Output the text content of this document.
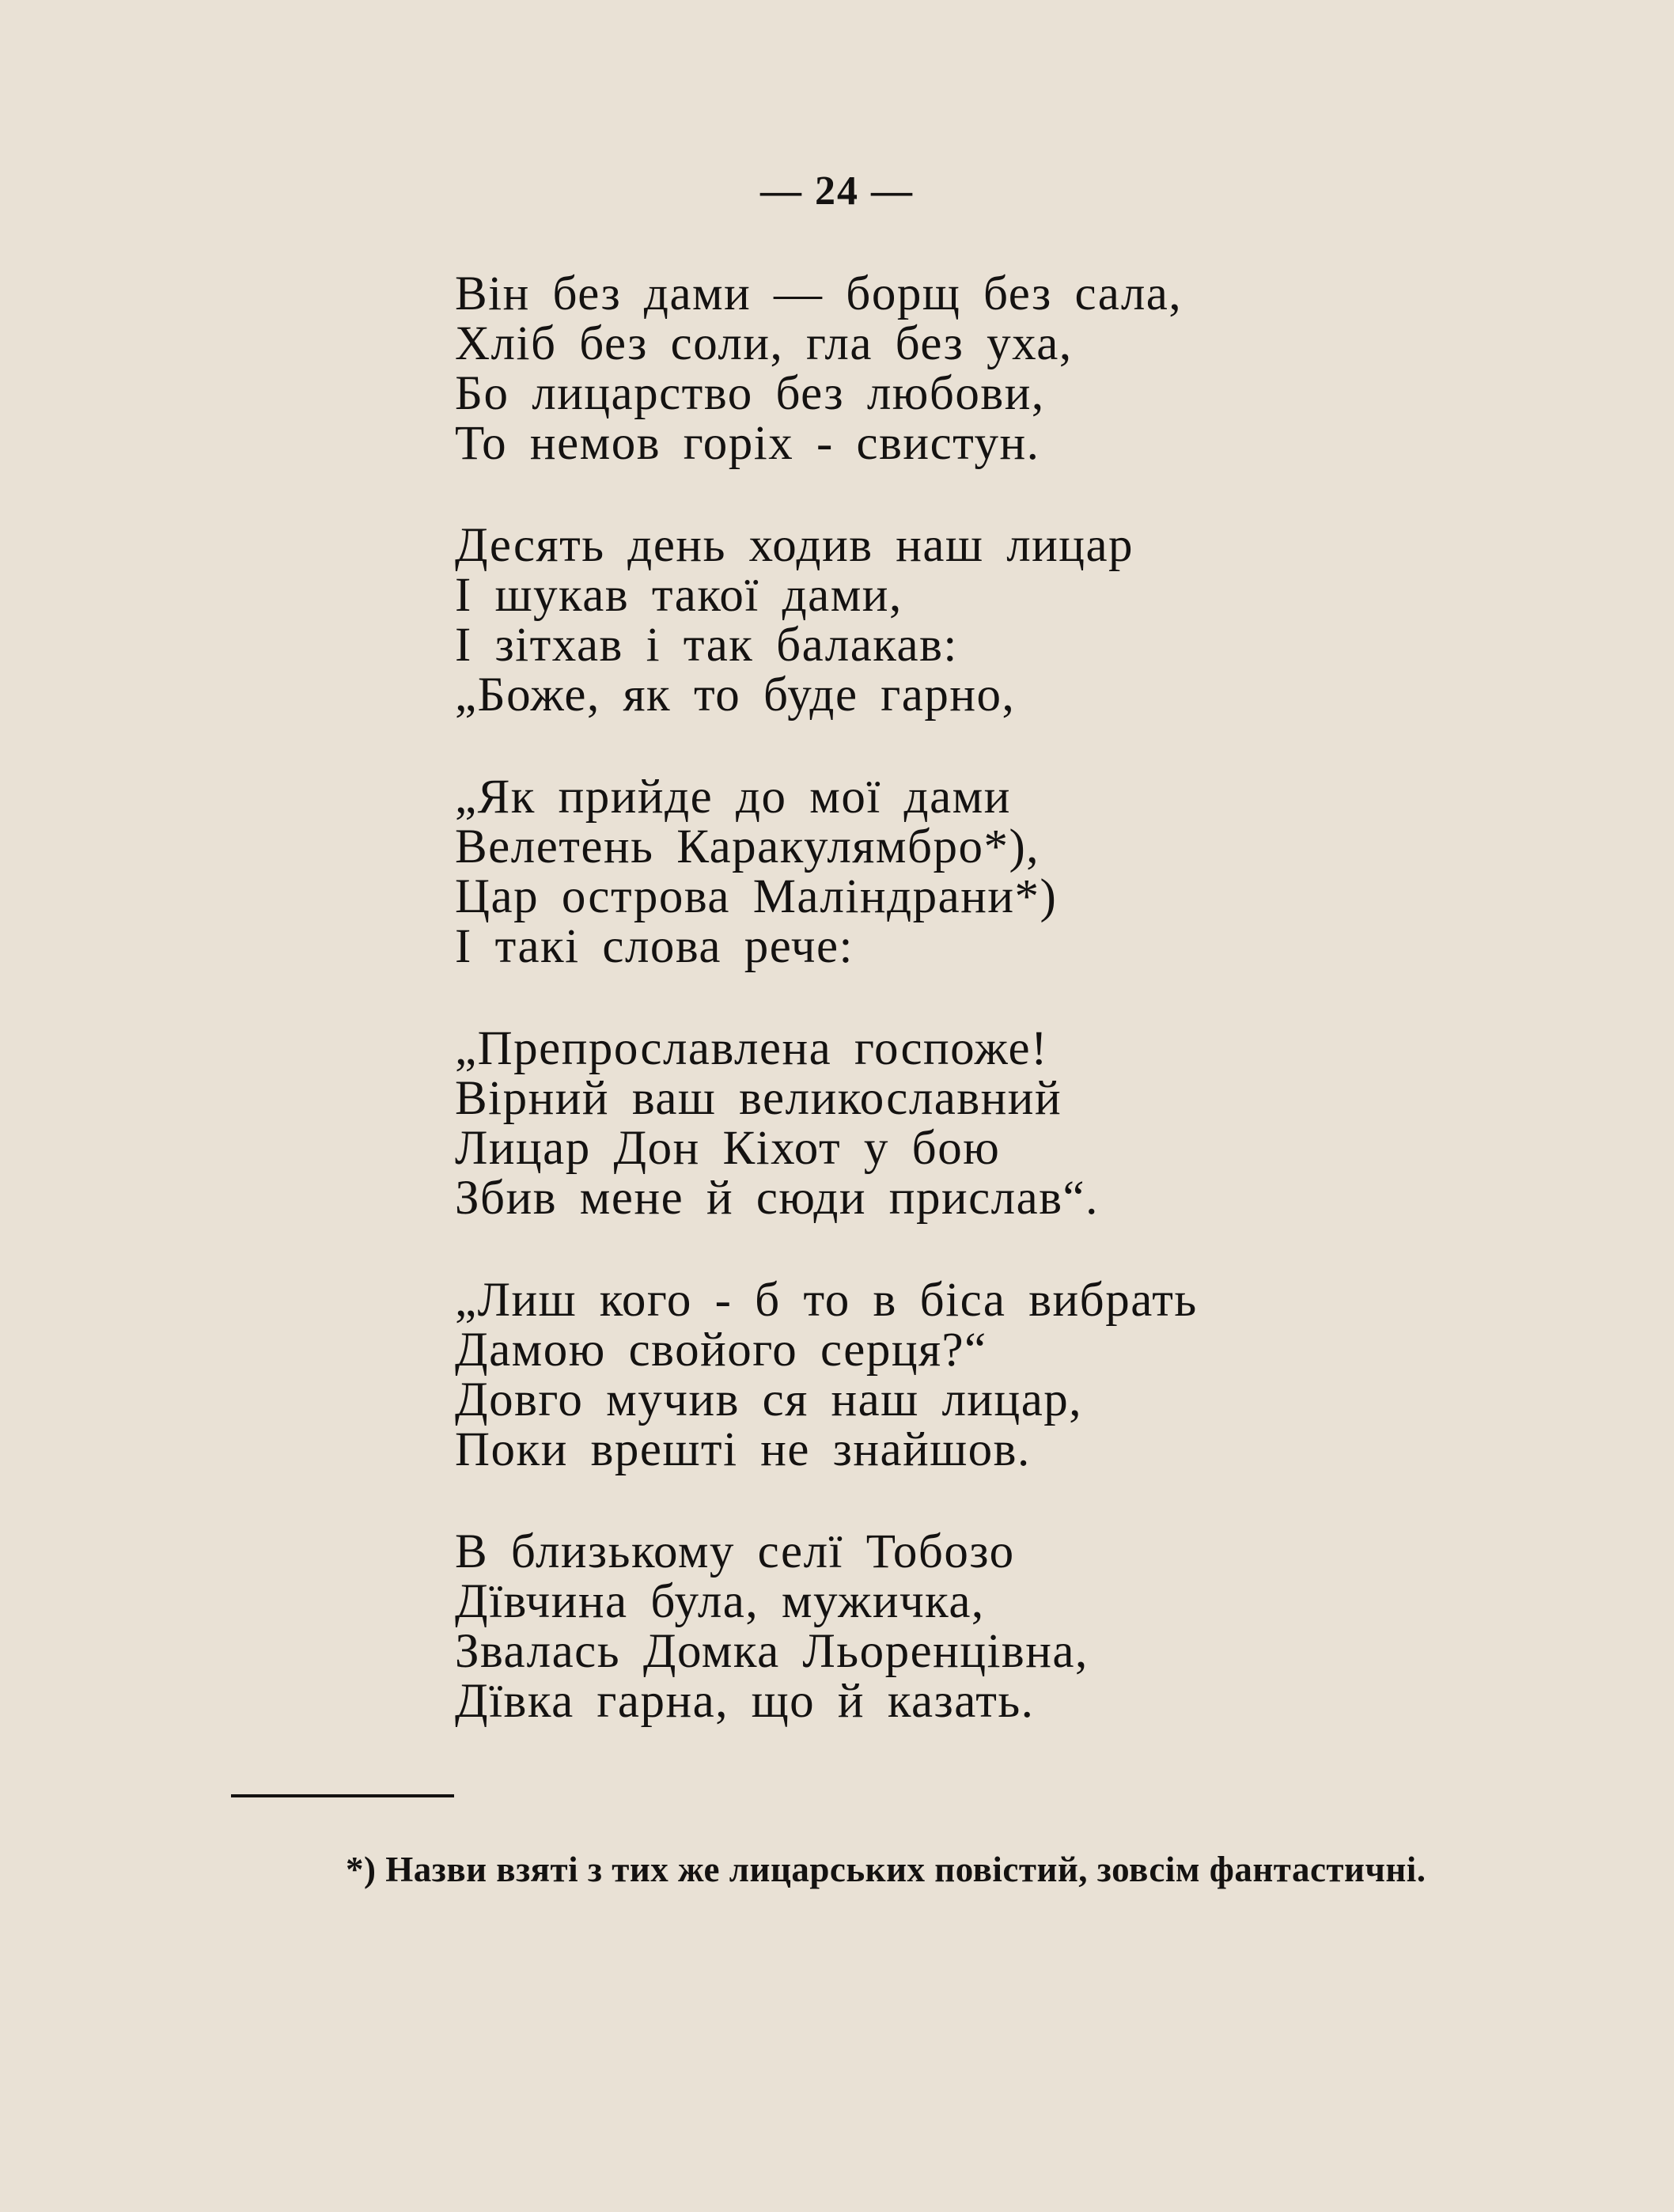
— 24 —
Він без дами — борщ без сала,
Хліб без соли, гла без уха,
Бо лицарство без любови,
То немов горіх - свистун.
Десять день ходив наш лицар
І шукав такої дами,
І зітхав і так балакав:
„Боже, як то буде гарно,
„Як прийде до мої дами
Велетень Каракулямбро*),
Цар острова Маліндрани*)
І такі слова рече:
„Препрославлена госпоже!
Вірний ваш великославний
Лицар Дон Кіхот у бою
Збив мене й сюди прислав“.
„Лиш кого - б то в біса вибрать
Дамою свойого серця?“
Довго мучив ся наш лицар,
Поки врешті не знайшов.
В близькому селї Тобозо
Дївчина була, мужичка,
Звалась Домка Льоренцівна,
Дївка гарна, що й казать.
*) Назви взяті з тих же лицарських повістий, зовсім фантастичні.
